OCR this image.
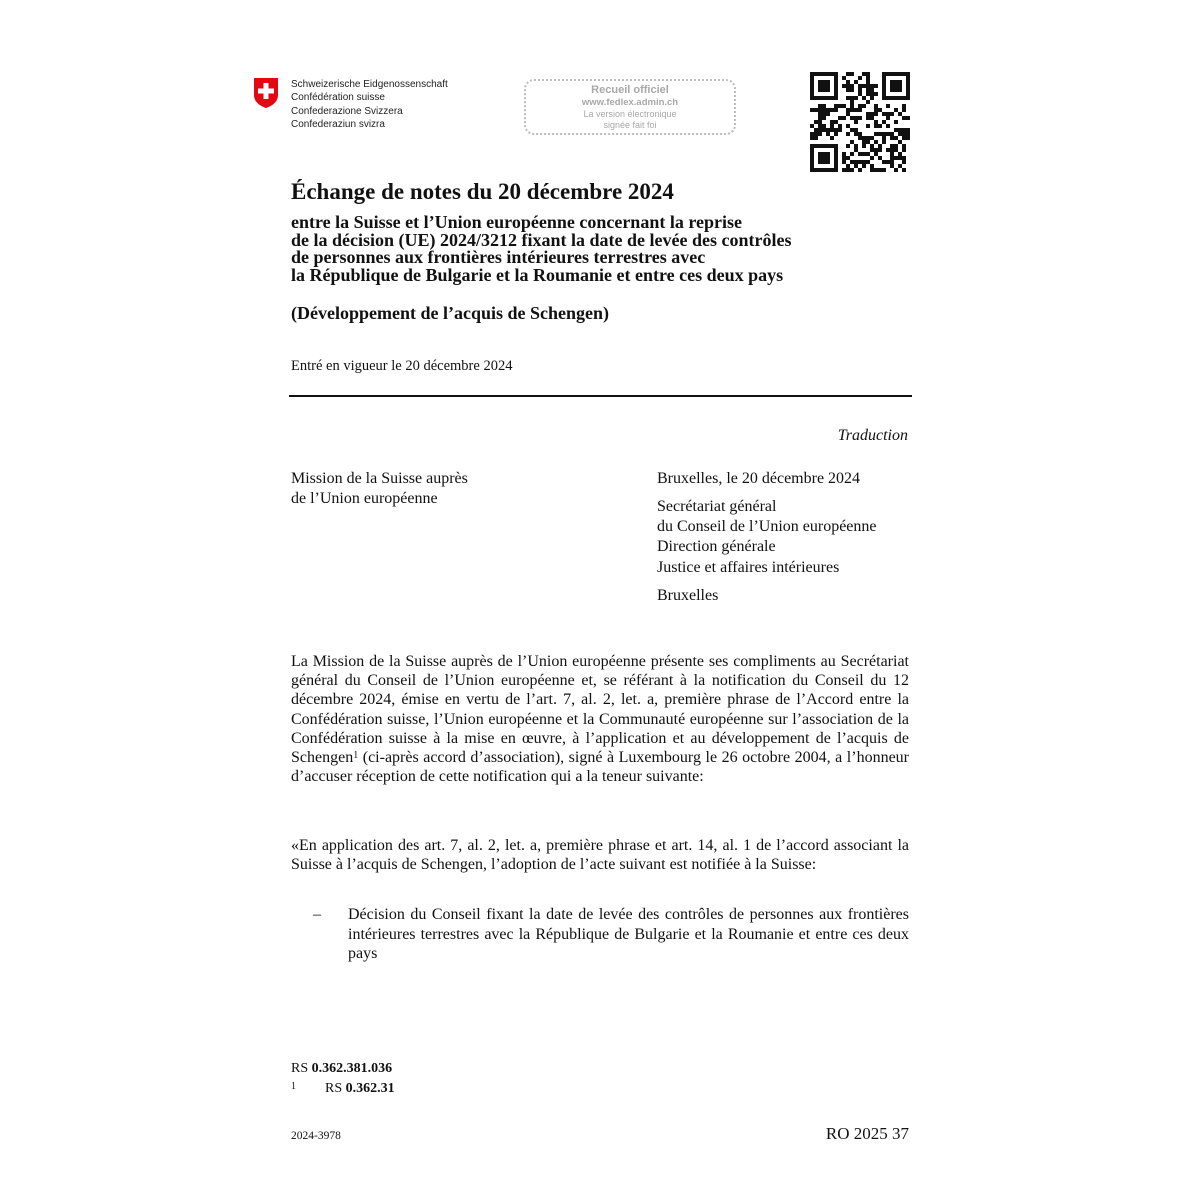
Schweizerische Eidgenossenschaft
Confédération suisse
Confederazione Svizzera
Confederaziun svizra
Recueil officiel
www.fedlex.admin.ch
La version électronique
signée fait foi
Échange de notes du 20 décembre 2024
entre la Suisse et l’Union européenne concernant la reprise
de la décision (UE) 2024/3212 fixant la date de levée des contrôles
de personnes aux frontières intérieures terrestres avec
la République de Bulgarie et la Roumanie et entre ces deux pays
(Développement de l’acquis de Schengen)
Entré en vigueur le 20 décembre 2024
Traduction
Mission de la Suisse auprès
de l’Union européenne
Bruxelles, le 20 décembre 2024
Secrétariat général
du Conseil de l’Union européenne
Direction générale
Justice et affaires intérieures
Bruxelles
La Mission de la Suisse auprès de l’Union européenne présente ses compliments au Secrétariat général du Conseil de l’Union européenne et, se référant à la notification du Conseil du 12 décembre 2024, émise en vertu de l’art. 7, al. 2, let. a, première phrase de l’Accord entre la Confédération suisse, l’Union européenne et la Communauté européenne sur l’association de la Confédération suisse à la mise en œuvre, à l’application et au développement de l’acquis de Schengen$^1$ (ci-après accord d’association), signé à Luxembourg le 26 octobre 2004, a l’honneur d’accuser réception de cette notification qui a la teneur suivante:
«En application des art. 7, al. 2, let. a, première phrase et art. 14, al. 1 de l’accord associant la Suisse à l’acquis de Schengen, l’adoption de l’acte suivant est notifiée à la Suisse:
– Décision du Conseil fixant la date de levée des contrôles de personnes aux frontières intérieures terrestres avec la République de Bulgarie et la Roumanie et entre ces deux pays
RS 0.362.381.036
1 RS 0.362.31
2024-3978	RO 2025 37
